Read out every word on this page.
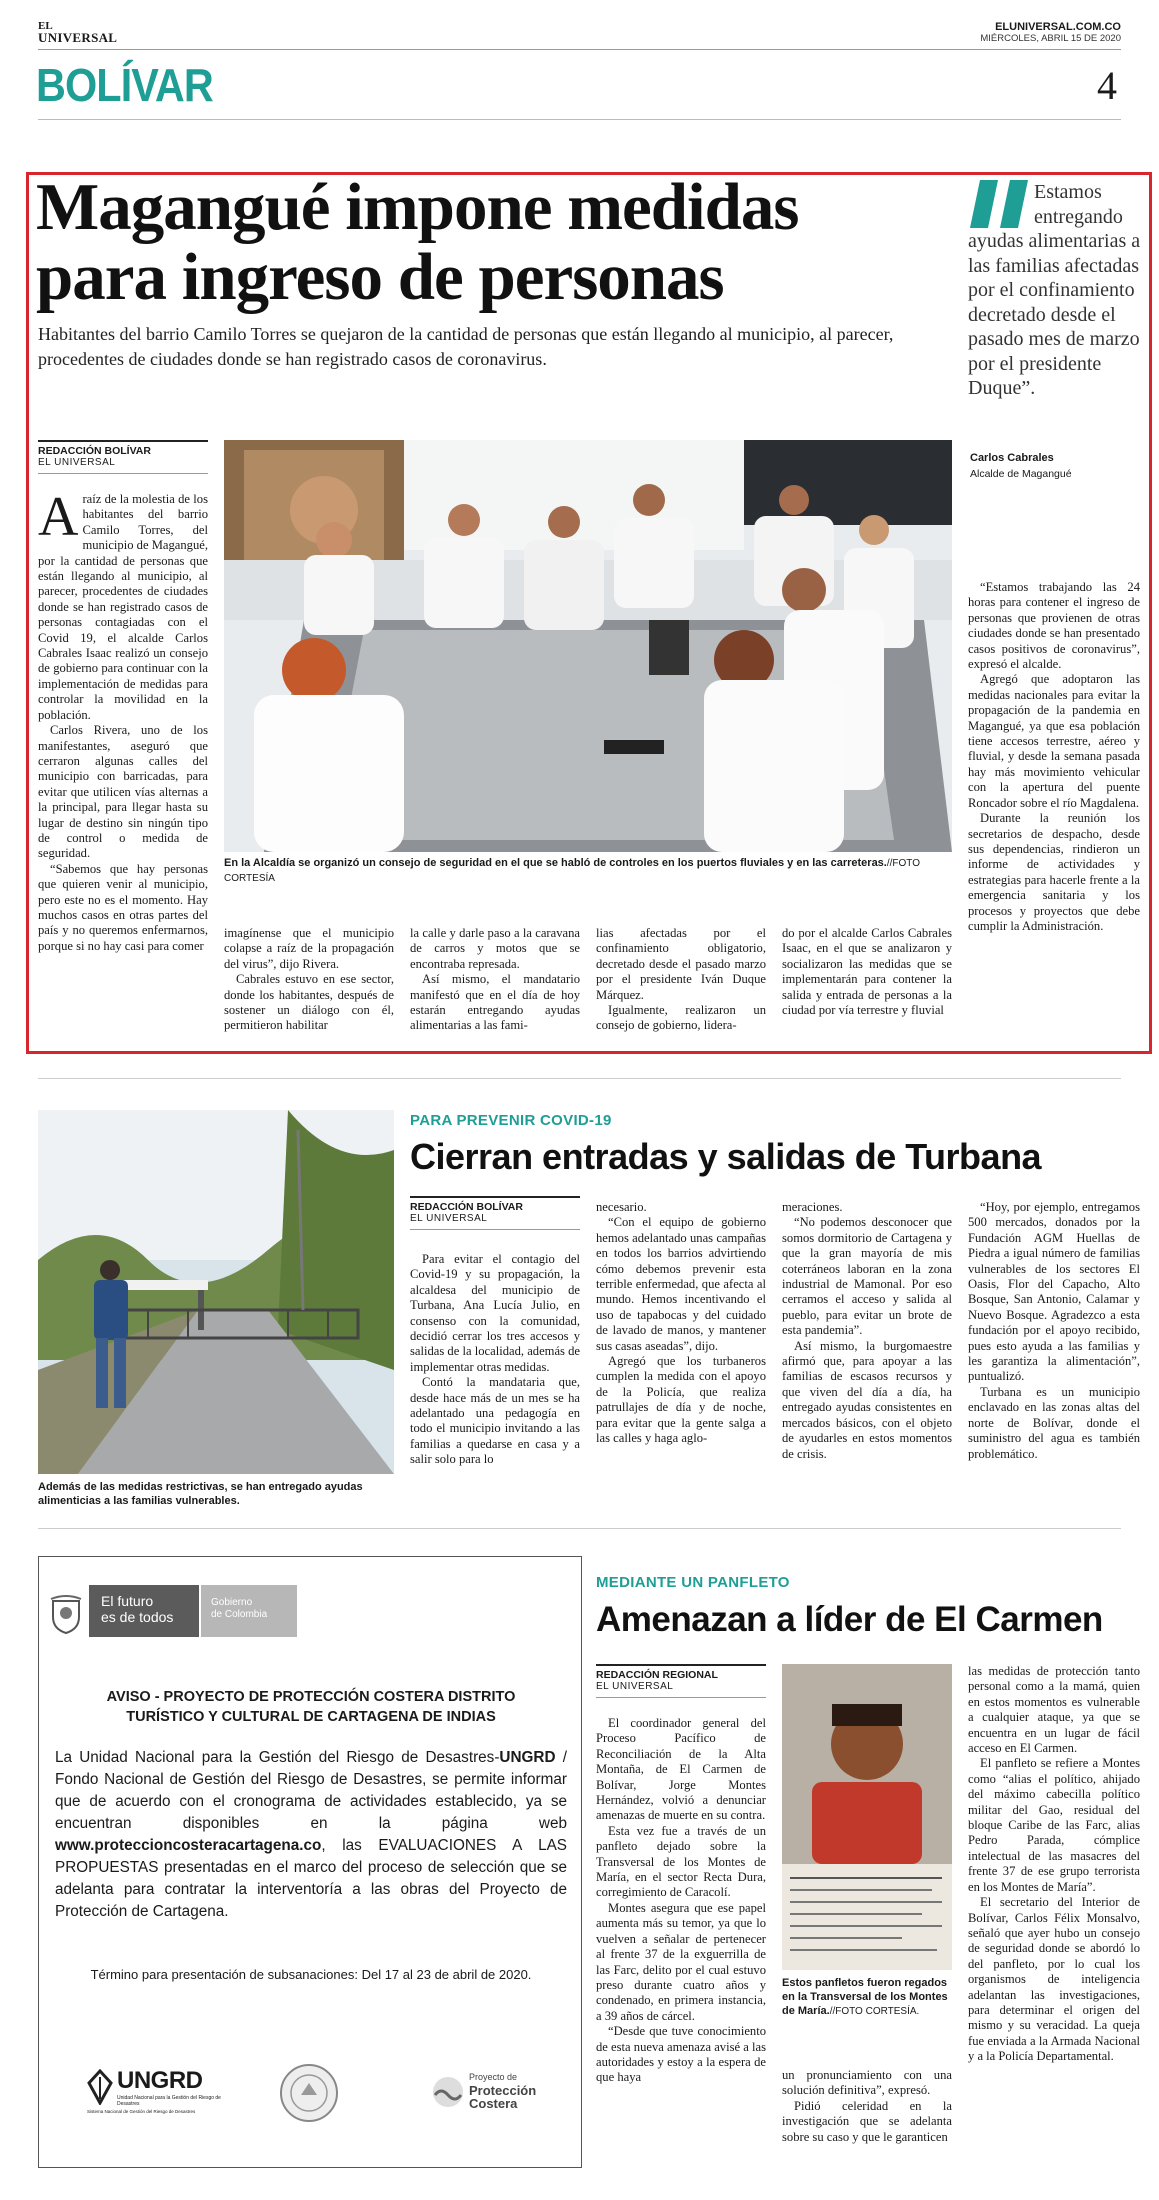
EL
UNIVERSAL
ELUNIVERSAL.COM.CO
MIÉRCOLES, ABRIL 15 DE 2020
BOLÍVAR	4
Magangué impone medidas
para ingreso de personas
Habitantes del barrio Camilo Torres se quejaron de la cantidad de personas que están llegando al municipio, al parecer, procedentes de ciudades donde se han registrado casos de coronavirus.
Estamos entregando ayudas alimentarias a las familias afectadas por el confinamiento decretado desde el pasado mes de marzo por el presidente Duque”.
Carlos Cabrales
Alcalde de Magangué
REDACCIÓN BOLÍVAR
EL UNIVERSAL
En la Alcaldía se organizó un consejo de seguridad en el que se habló de controles en los puertos fluviales y en las carreteras.//FOTO CORTESÍA

Araíz de la molestia de los habitantes del barrio Camilo Torres, del municipio de Magangué, por la cantidad de personas que están llegando al municipio, al parecer, procedentes de ciudades donde se han registrado casos de personas contagiadas con el Covid 19, el alcalde Carlos Cabrales Isaac realizó un consejo de gobierno para continuar con la implementación de medidas para controlar la movilidad en la población.

Carlos Rivera, uno de los manifestantes, aseguró que cerraron algunas calles del municipio con barricadas, para evitar que utilicen vías alternas a la principal, para llegar hasta su lugar de destino sin ningún tipo de control o medida de seguridad.

“Sabemos que hay personas que quieren venir al municipio, pero este no es el momento. Hay muchos casos en otras partes del país y no queremos enfermarnos, porque si no hay casi para comer

imagínense que el municipio colapse a raíz de la propagación del virus”, dijo Rivera.

Cabrales estuvo en ese sector, donde los habitantes, después de sostener un diálogo con él, permitieron habilitar

la calle y darle paso a la caravana de carros y motos que se encontraba represada.

Así mismo, el mandatario manifestó que en el día de hoy estarán entregando ayudas alimentarias a las fami-

lias afectadas por el confinamiento obligatorio, decretado desde el pasado marzo por el presidente Iván Duque Márquez.

Igualmente, realizaron un consejo de gobierno, lidera-

do por el alcalde Carlos Cabrales Isaac, en el que se analizaron y socializaron las medidas que se implementarán para contener la salida y entrada de personas a la ciudad por vía terrestre y fluvial

“Estamos trabajando las 24 horas para contener el ingreso de personas que provienen de otras ciudades donde se han presentado casos positivos de coronavirus”, expresó el alcalde.

Agregó que adoptaron las medidas nacionales para evitar la propagación de la pandemia en Magangué, ya que esa población tiene accesos terrestre, aéreo y fluvial, y desde la semana pasada hay más movimiento vehicular con la apertura del puente Roncador sobre el río Magdalena.

Durante la reunión los secretarios de despacho, desde sus dependencias, rindieron un informe de actividades y estrategias para hacerle frente a la emergencia sanitaria y los procesos y proyectos que debe cumplir la Administración.

Además de las medidas restrictivas, se han entregado ayudas alimenticias a las familias vulnerables.
PARA PREVENIR COVID-19
Cierran entradas y salidas de Turbana
REDACCIÓN BOLÍVAR
EL UNIVERSAL

Para evitar el contagio del Covid-19 y su propagación, la alcaldesa del municipio de Turbana, Ana Lucía Julio, en consenso con la comunidad, decidió cerrar los tres accesos y salidas de la localidad, además de implementar otras medidas.

Contó la mandataria que, desde hace más de un mes se ha adelantado una pedagogía en todo el municipio invitando a las familias a quedarse en casa y a salir solo para lo

necesario.

“Con el equipo de gobierno hemos adelantado unas campañas en todos los barrios advirtiendo cómo debemos prevenir esta terrible enfermedad, que afecta al mundo. Hemos incentivando el uso de tapabocas y del cuidado de lavado de manos, y mantener sus casas aseadas”, dijo.

Agregó que los turbaneros cumplen la medida con el apoyo de la Policía, que realiza patrullajes de día y de noche, para evitar que la gente salga a las calles y haga aglo-

meraciones.

“No podemos desconocer que somos dormitorio de Cartagena y que la gran mayoría de mis coterráneos laboran en la zona industrial de Mamonal. Por eso cerramos el acceso y salida al pueblo, para evitar un brote de esta pandemia”.

Así mismo, la burgomaestre afirmó que, para apoyar a las familias de escasos recursos y que viven del día a día, ha entregado ayudas consistentes en mercados básicos, con el objeto de ayudarles en estos momentos de crisis.

“Hoy, por ejemplo, entregamos 500 mercados, donados por la Fundación AGM Huellas de Piedra a igual número de familias vulnerables de los sectores El Oasis, Flor del Capacho, Alto Bosque, San Antonio, Calamar y Nuevo Bosque. Agradezco a esta fundación por el apoyo recibido, pues esto ayuda a las familias y les garantiza la alimentación”, puntualizó.

Turbana es un municipio enclavado en las zonas altas del norte de Bolívar, donde el suministro del agua es también problemático.

El futuro
es de todos
Gobierno
de Colombia
AVISO - PROYECTO DE PROTECCIÓN COSTERA DISTRITO TURÍSTICO Y CULTURAL DE CARTAGENA DE INDIAS
La Unidad Nacional para la Gestión del Riesgo de Desastres-UNGRD / Fondo Nacional de Gestión del Riesgo de Desastres, se permite informar que de acuerdo con el cronograma de actividades establecido, ya se encuentran disponibles en la página web www.proteccioncosteracartagena.co, las EVALUACIONES A LAS PROPUESTAS presentadas en el marco del proceso de selección que se adelanta para contratar la interventoría a las obras del Proyecto de Protección de Cartagena.
Término para presentación de subsanaciones: Del 17 al 23 de abril de 2020.
UNGRD
Unidad Nacional para la Gestión del Riesgo de Desastres
Sistema Nacional de Gestión del Riesgo de Desastres
Proyecto de
Protección
Costera
MEDIANTE UN PANFLETO
Amenazan a líder de El Carmen
REDACCIÓN REGIONAL
EL UNIVERSAL

El coordinador general del Proceso Pacífico de Reconciliación de la Alta Montaña, de El Carmen de Bolívar, Jorge Montes Hernández, volvió a denunciar amenazas de muerte en su contra.

Esta vez fue a través de un panfleto dejado sobre la Transversal de los Montes de María, en el sector Recta Dura, corregimiento de Caracolí.

Montes asegura que ese papel aumenta más su temor, ya que lo vuelven a señalar de pertenecer al frente 37 de la exguerrilla de las Farc, delito por el cual estuvo preso durante cuatro años y condenado, en primera instancia, a 39 años de cárcel.

“Desde que tuve conocimiento de esta nueva amenaza avisé a las autoridades y estoy a la espera de que haya

Estos panfletos fueron regados en la Transversal de los Montes de María.//FOTO CORTESÍA.

un pronunciamiento con una solución definitiva”, expresó.

Pidió celeridad en la investigación que se adelanta sobre su caso y que le garanticen

las medidas de protección tanto personal como a la mamá, quien en estos momentos es vulnerable a cualquier ataque, ya que se encuentra en un lugar de fácil acceso en El Carmen.

El panfleto se refiere a Montes como “alias el político, ahijado del máximo cabecilla político militar del Gao, residual del bloque Caribe de las Farc, alias Pedro Parada, cómplice intelectual de las masacres del frente 37 de ese grupo terrorista en los Montes de María”.

El secretario del Interior de Bolívar, Carlos Félix Monsalvo, señaló que ayer hubo un consejo de seguridad donde se abordó lo del panfleto, por lo cual los organismos de inteligencia adelantan las investigaciones, para determinar el origen del mismo y su veracidad. La queja fue enviada a la Armada Nacional y a la Policía Departamental.
